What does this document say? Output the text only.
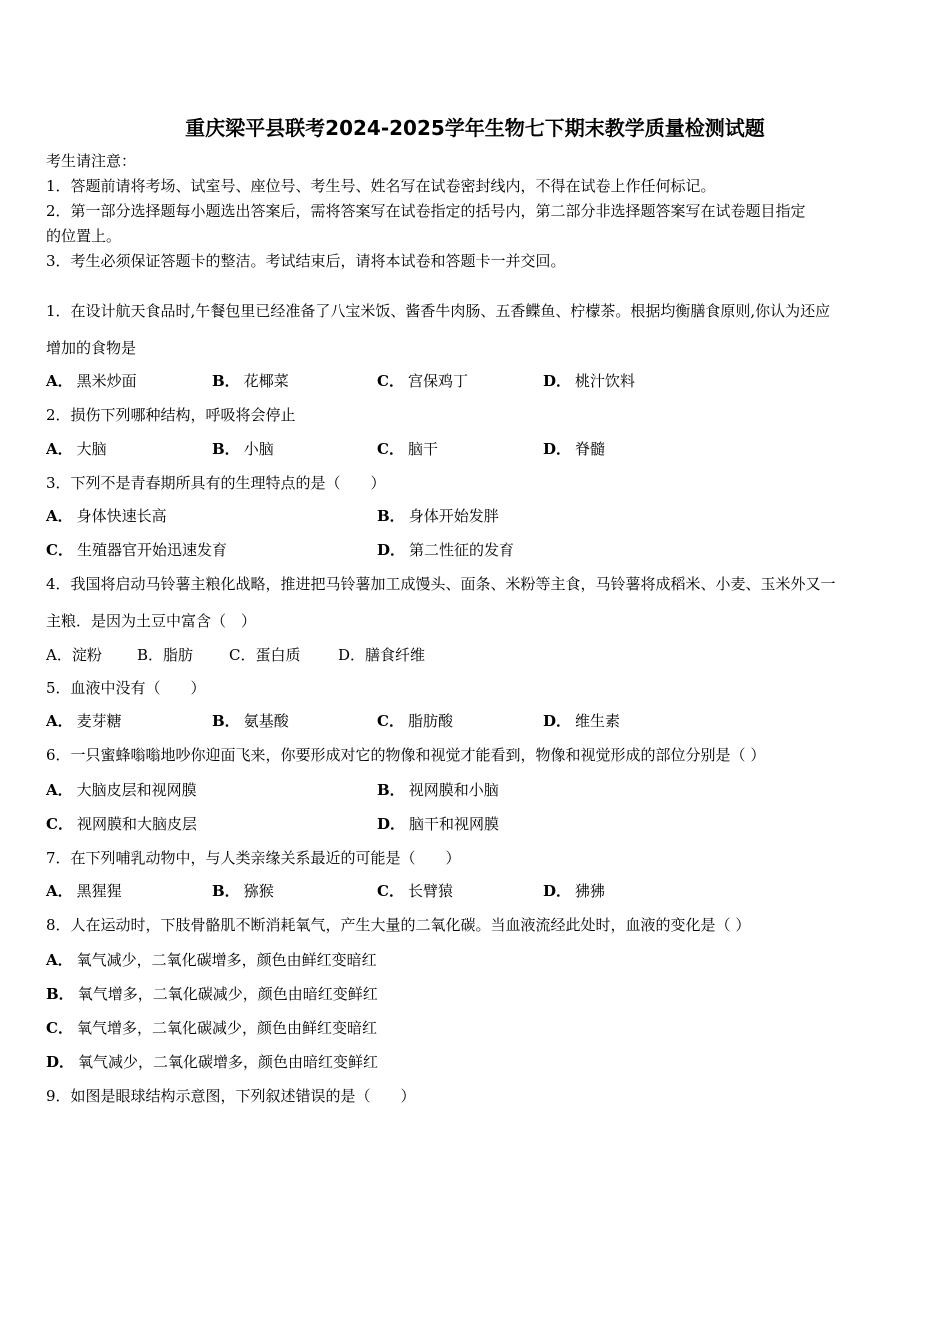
重庆梁平县联考2024-2025学年生物七下期末教学质量检测试题
考生请注意：
1．答题前请将考场、试室号、座位号、考生号、姓名写在试卷密封线内，不得在试卷上作任何标记。
2．第一部分选择题每小题选出答案后，需将答案写在试卷指定的括号内，第二部分非选择题答案写在试卷题目指定
的位置上。
3．考生必须保证答题卡的整洁。考试结束后，请将本试卷和答题卡一并交回。
1．在设计航天食品时,午餐包里已经准备了八宝米饭、酱香牛肉肠、五香鲽鱼、柠檬茶。根据均衡膳食原则,你认为还应
增加的食物是
A． 黑米炒面	B． 花椰菜	C． 宫保鸡丁	D． 桃汁饮料
2．损伤下列哪种结构，呼吸将会停止
A． 大脑	B． 小脑	C． 脑干	D． 脊髓
3．下列不是青春期所具有的生理特点的是（　　）
A． 身体快速长高	B． 身体开始发胖
C． 生殖器官开始迅速发育	D． 第二性征的发育
4．我国将启动马铃薯主粮化战略，推进把马铃薯加工成馒头、面条、米粉等主食，马铃薯将成稻米、小麦、玉米外又一
主粮．是因为土豆中富含（　）
A．淀粉 B．脂肪 C．蛋白质	D．膳食纤维
5．血液中没有（　　）
A． 麦芽糖	B． 氨基酸	C． 脂肪酸	D． 维生素
6．一只蜜蜂嗡嗡地吵你迎面飞来，你要形成对它的物像和视觉才能看到，物像和视觉形成的部位分别是（ ）
A． 大脑皮层和视网膜	B． 视网膜和小脑
C． 视网膜和大脑皮层	D． 脑干和视网膜
7．在下列哺乳动物中，与人类亲缘关系最近的可能是（　　）
A． 黑猩猩	B． 猕猴	C． 长臂猿	D． 狒狒
8．人在运动时，下肢骨骼肌不断消耗氧气，产生大量的二氧化碳。当血液流经此处时，血液的变化是（ ）
A． 氧气减少，二氧化碳增多，颜色由鲜红变暗红
B． 氧气增多，二氧化碳减少，颜色由暗红变鲜红
C． 氧气增多，二氧化碳减少，颜色由鲜红变暗红
D． 氧气减少，二氧化碳增多，颜色由暗红变鲜红
9．如图是眼球结构示意图，下列叙述错误的是（　　）
